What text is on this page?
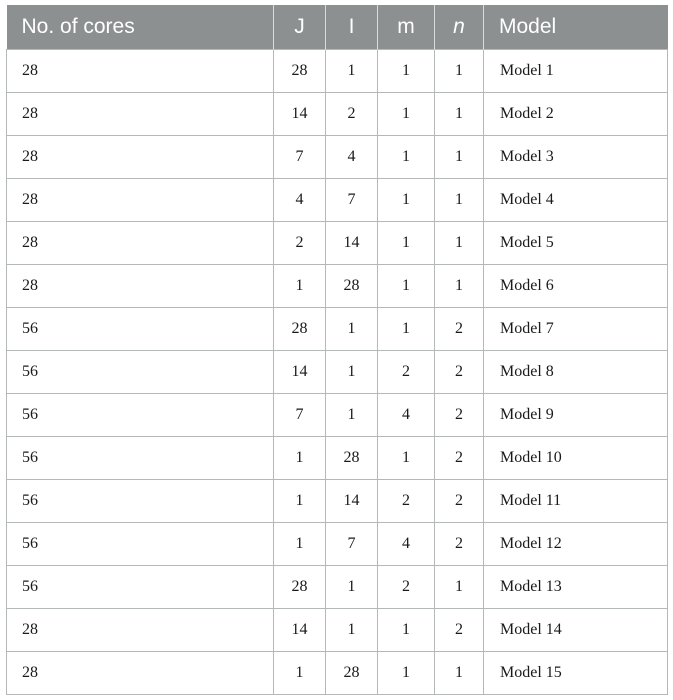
No. of cores	J	I	m	n	Model
28	28	1	1	1	Model 1
28	14	2	1	1	Model 2
28	7	4	1	1	Model 3
28	4	7	1	1	Model 4
28	2	14	1	1	Model 5
28	1	28	1	1	Model 6
56	28	1	1	2	Model 7
56	14	1	2	2	Model 8
56	7	1	4	2	Model 9
56	1	28	1	2	Model 10
56	1	14	2	2	Model 11
56	1	7	4	2	Model 12
56	28	1	2	1	Model 13
28	14	1	1	2	Model 14
28	1	28	1	1	Model 15
